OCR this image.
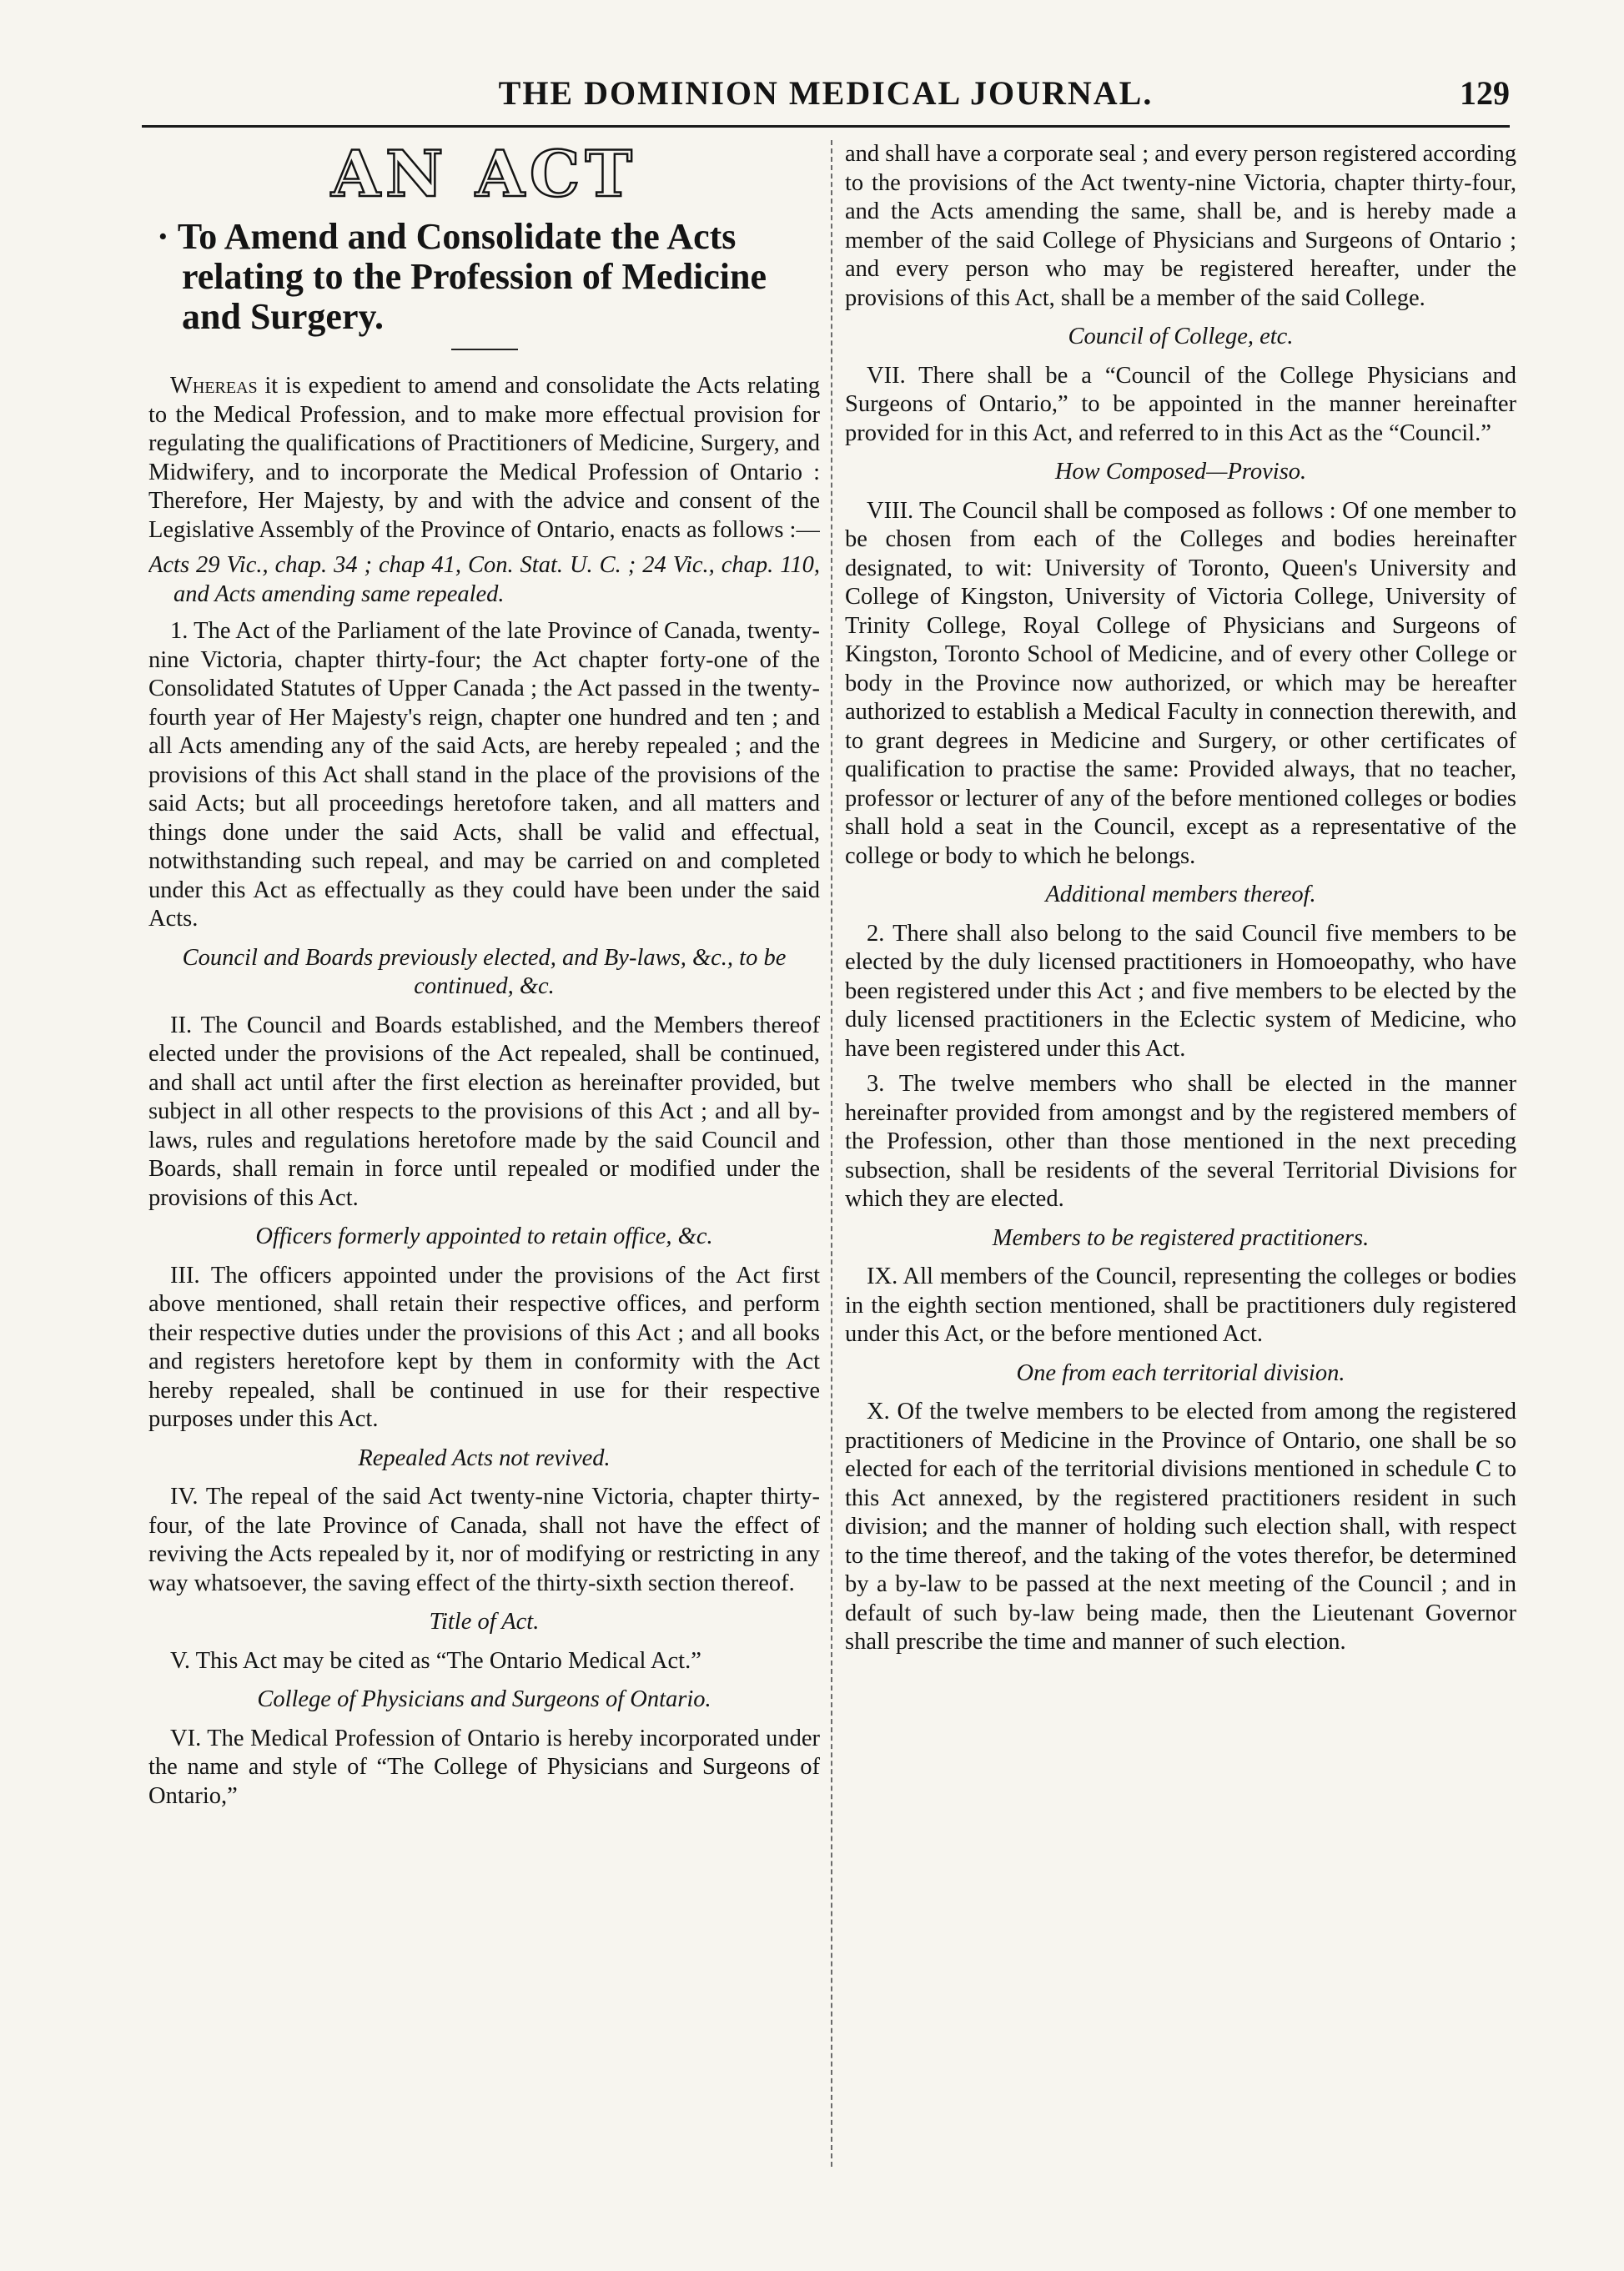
THE DOMINION MEDICAL JOURNAL.	129
AN ACT
· To Amend and Consolidate the Acts relating to the Profession of Medicine and Surgery.

Whereas it is expedient to amend and consolidate the Acts relating to the Medical Profession, and to make more effectual provision for regulating the qualifications of Practitioners of Medicine, Surgery, and Midwifery, and to incorporate the Medical Profession of Ontario : Therefore, Her Majesty, by and with the advice and consent of the Legislative Assembly of the Province of Ontario, enacts as follows :—

Acts 29 Vic., chap. 34 ; chap 41, Con. Stat. U. C. ; 24 Vic., chap. 110, and Acts amending same repealed.

1. The Act of the Parliament of the late Province of Canada, twenty-nine Victoria, chapter thirty-four; the Act chapter forty-one of the Consolidated Statutes of Upper Canada ; the Act passed in the twenty-fourth year of Her Majesty's reign, chapter one hundred and ten ; and all Acts amending any of the said Acts, are hereby repealed ; and the provisions of this Act shall stand in the place of the provisions of the said Acts; but all proceedings heretofore taken, and all matters and things done under the said Acts, shall be valid and effectual, notwithstanding such repeal, and may be carried on and completed under this Act as effectually as they could have been under the said Acts.

Council and Boards previously elected, and By-laws, &c., to be continued, &c.

II. The Council and Boards established, and the Members thereof elected under the provisions of the Act repealed, shall be continued, and shall act until after the first election as hereinafter provided, but subject in all other respects to the provisions of this Act ; and all by-laws, rules and regulations heretofore made by the said Council and Boards, shall remain in force until repealed or modified under the provisions of this Act.

Officers formerly appointed to retain office, &c.

III. The officers appointed under the provisions of the Act first above mentioned, shall retain their respective offices, and perform their respective duties under the provisions of this Act ; and all books and registers heretofore kept by them in conformity with the Act hereby repealed, shall be continued in use for their respective purposes under this Act.

Repealed Acts not revived.

IV. The repeal of the said Act twenty-nine Victoria, chapter thirty-four, of the late Province of Canada, shall not have the effect of reviving the Acts repealed by it, nor of modifying or restricting in any way whatsoever, the saving effect of the thirty-sixth section thereof.

Title of Act.

V. This Act may be cited as “The Ontario Medical Act.”

College of Physicians and Surgeons of Ontario.

VI. The Medical Profession of Ontario is hereby incorporated under the name and style of “The College of Physicians and Surgeons of Ontario,”

and shall have a corporate seal ; and every person registered according to the provisions of the Act twenty-nine Victoria, chapter thirty-four, and the Acts amending the same, shall be, and is hereby made a member of the said College of Physicians and Surgeons of Ontario ; and every person who may be registered hereafter, under the provisions of this Act, shall be a member of the said College.

Council of College, etc.

VII. There shall be a “Council of the College Physicians and Surgeons of Ontario,” to be appointed in the manner hereinafter provided for in this Act, and referred to in this Act as the “Council.”

How Composed—Proviso.

VIII. The Council shall be composed as follows : Of one member to be chosen from each of the Colleges and bodies hereinafter designated, to wit: University of Toronto, Queen's University and College of Kingston, University of Victoria College, University of Trinity College, Royal College of Physicians and Surgeons of Kingston, Toronto School of Medicine, and of every other College or body in the Province now authorized, or which may be hereafter authorized to establish a Medical Faculty in connection therewith, and to grant degrees in Medicine and Surgery, or other certificates of qualification to practise the same: Provided always, that no teacher, professor or lecturer of any of the before mentioned colleges or bodies shall hold a seat in the Council, except as a representative of the college or body to which he belongs.

Additional members thereof.

2. There shall also belong to the said Council five members to be elected by the duly licensed practitioners in Homoeopathy, who have been registered under this Act ; and five members to be elected by the duly licensed practitioners in the Eclectic system of Medicine, who have been registered under this Act.

3. The twelve members who shall be elected in the manner hereinafter provided from amongst and by the registered members of the Profession, other than those mentioned in the next preceding subsection, shall be residents of the several Territorial Divisions for which they are elected.

Members to be registered practitioners.

IX. All members of the Council, representing the colleges or bodies in the eighth section mentioned, shall be practitioners duly registered under this Act, or the before mentioned Act.

One from each territorial division.

X. Of the twelve members to be elected from among the registered practitioners of Medicine in the Province of Ontario, one shall be so elected for each of the territorial divisions mentioned in schedule C to this Act annexed, by the registered practitioners resident in such division; and the manner of holding such election shall, with respect to the time thereof, and the taking of the votes therefor, be determined by a by-law to be passed at the next meeting of the Council ; and in default of such by-law being made, then the Lieutenant Governor shall prescribe the time and manner of such election.
